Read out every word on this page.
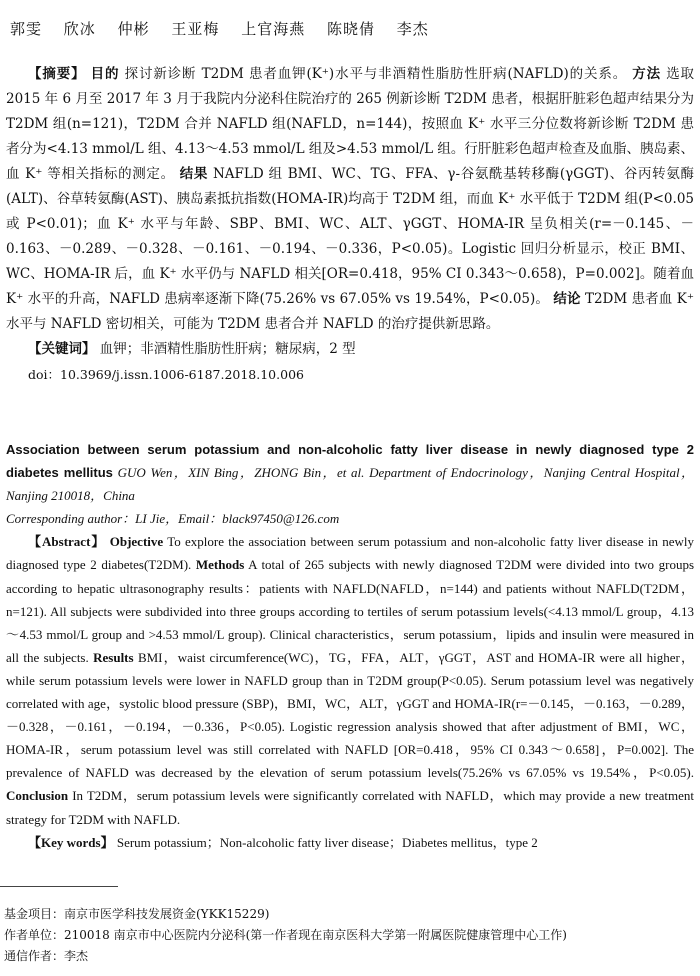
郭雯 欣冰 仲彬 王亚梅 上官海燕 陈晓倩 李杰
【摘要】 目的 探讨新诊断 T2DM 患者血钾(K⁺)水平与非酒精性脂肪性肝病(NAFLD)的关系。 方法 选取 2015 年 6 月至 2017 年 3 月于我院内分泌科住院治疗的 265 例新诊断 T2DM 患者，根据肝脏彩色超声结果分为 T2DM 组(n=121)，T2DM 合并 NAFLD 组(NAFLD，n=144)，按照血 K⁺ 水平三分位数将新诊断 T2DM 患者分为<4.13 mmol/L 组、4.13～4.53 mmol/L 组及>4.53 mmol/L 组。行肝脏彩色超声检查及血脂、胰岛素、血 K⁺ 等相关指标的测定。 结果 NAFLD 组 BMI、WC、TG、FFA、γ-谷氨酰基转移酶(γGGT)、谷丙转氨酶(ALT)、谷草转氨酶(AST)、胰岛素抵抗指数(HOMA-IR)均高于 T2DM 组，而血 K⁺ 水平低于 T2DM 组(P<0.05 或 P<0.01)；血 K⁺ 水平与年龄、SBP、BMI、WC、ALT、γGGT、HOMA-IR 呈负相关(r=－0.145、－0.163、－0.289、－0.328、－0.161、－0.194、－0.336，P<0.05)。Logistic 回归分析显示，校正 BMI、WC、HOMA-IR 后，血 K⁺ 水平仍与 NAFLD 相关[OR=0.418，95% CI 0.343～0.658)，P=0.002]。随着血 K⁺ 水平的升高，NAFLD 患病率逐渐下降(75.26% vs 67.05% vs 19.54%，P<0.05)。 结论 T2DM 患者血 K⁺ 水平与 NAFLD 密切相关，可能为 T2DM 患者合并 NAFLD 的治疗提供新思路。
【关键词】 血钾；非酒精性脂肪性肝病；糖尿病，2 型
doi：10.3969/j.issn.1006-6187.2018.10.006
Association between serum potassium and non-alcoholic fatty liver disease in newly diagnosed type 2 diabetes mellitus GUO Wen，XIN Bing，ZHONG Bin，et al. Department of Endocrinology，Nanjing Central Hospital，Nanjing 210018，China
Corresponding author：LI Jie，Email：black97450@126.com
【Abstract】 Objective To explore the association between serum potassium and non-alcoholic fatty liver disease in newly diagnosed type 2 diabetes(T2DM). Methods A total of 265 subjects with newly diagnosed T2DM were divided into two groups according to hepatic ultrasonography results：patients with NAFLD(NAFLD，n=144) and patients without NAFLD(T2DM，n=121). All subjects were subdivided into three groups according to tertiles of serum potassium levels(<4.13 mmol/L group，4.13～4.53 mmol/L group and >4.53 mmol/L group). Clinical characteristics，serum potassium，lipids and insulin were measured in all the subjects. Results BMI，waist circumference(WC)，TG，FFA，ALT，γGGT，AST and HOMA-IR were all higher，while serum potassium levels were lower in NAFLD group than in T2DM group(P<0.05). Serum potassium level was negatively correlated with age，systolic blood pressure (SBP)，BMI，WC，ALT，γGGT and HOMA-IR(r=－0.145，－0.163，－0.289，－0.328，－0.161，－0.194，－0.336，P<0.05). Logistic regression analysis showed that after adjustment of BMI，WC，HOMA-IR，serum potassium level was still correlated with NAFLD [OR=0.418，95% CI 0.343～0.658]，P=0.002]. The prevalence of NAFLD was decreased by the elevation of serum potassium levels(75.26% vs 67.05% vs 19.54%，P<0.05). Conclusion In T2DM，serum potassium levels were significantly correlated with NAFLD，which may provide a new treatment strategy for T2DM with NAFLD.
【Key words】 Serum potassium；Non-alcoholic fatty liver disease；Diabetes mellitus，type 2
基金项目：南京市医学科技发展资金(YKK15229)
作者单位：210018 南京市中心医院内分泌科(第一作者现在南京医科大学第一附属医院健康管理中心工作)
通信作者：李杰
